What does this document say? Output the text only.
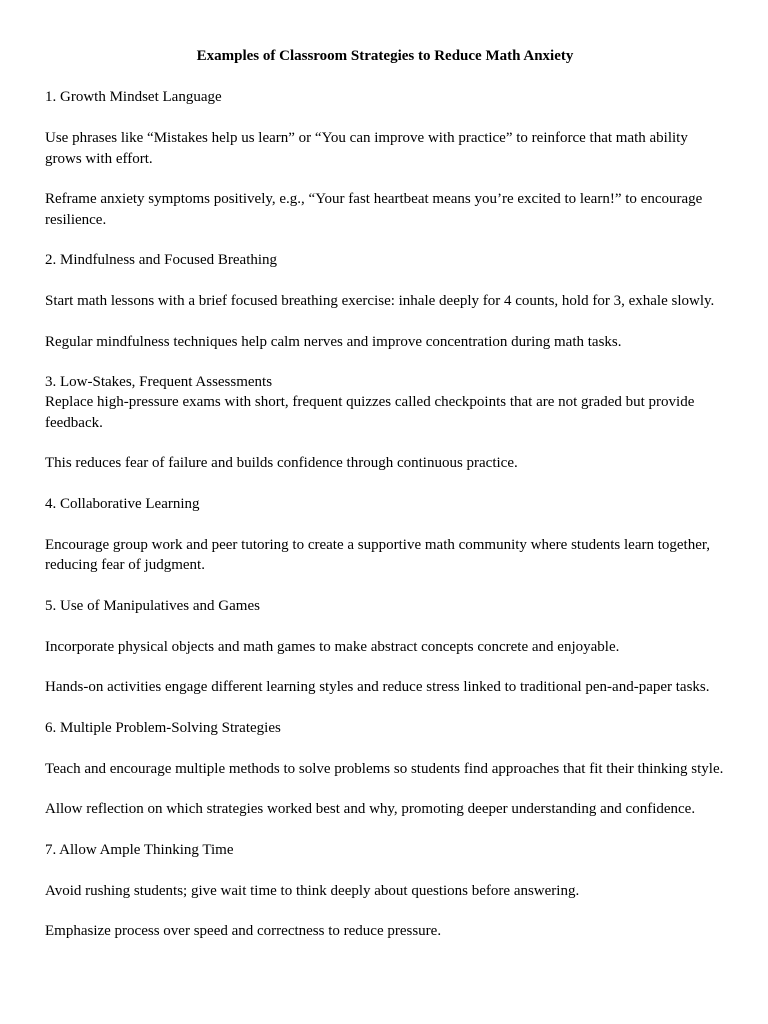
Examples of Classroom Strategies to Reduce Math Anxiety
1. Growth Mindset Language
Use phrases like “Mistakes help us learn” or “You can improve with practice” to reinforce that math ability grows with effort.
Reframe anxiety symptoms positively, e.g., “Your fast heartbeat means you’re excited to learn!” to encourage resilience.
2. Mindfulness and Focused Breathing
Start math lessons with a brief focused breathing exercise: inhale deeply for 4 counts, hold for 3, exhale slowly.
Regular mindfulness techniques help calm nerves and improve concentration during math tasks.
3. Low-Stakes, Frequent Assessments
Replace high-pressure exams with short, frequent quizzes called checkpoints that are not graded but provide feedback.
This reduces fear of failure and builds confidence through continuous practice.
4. Collaborative Learning
Encourage group work and peer tutoring to create a supportive math community where students learn together, reducing fear of judgment.
5. Use of Manipulatives and Games
Incorporate physical objects and math games to make abstract concepts concrete and enjoyable.
Hands-on activities engage different learning styles and reduce stress linked to traditional pen-and-paper tasks.
6. Multiple Problem-Solving Strategies
Teach and encourage multiple methods to solve problems so students find approaches that fit their thinking style.
Allow reflection on which strategies worked best and why, promoting deeper understanding and confidence.
7. Allow Ample Thinking Time
Avoid rushing students; give wait time to think deeply about questions before answering.
Emphasize process over speed and correctness to reduce pressure.
